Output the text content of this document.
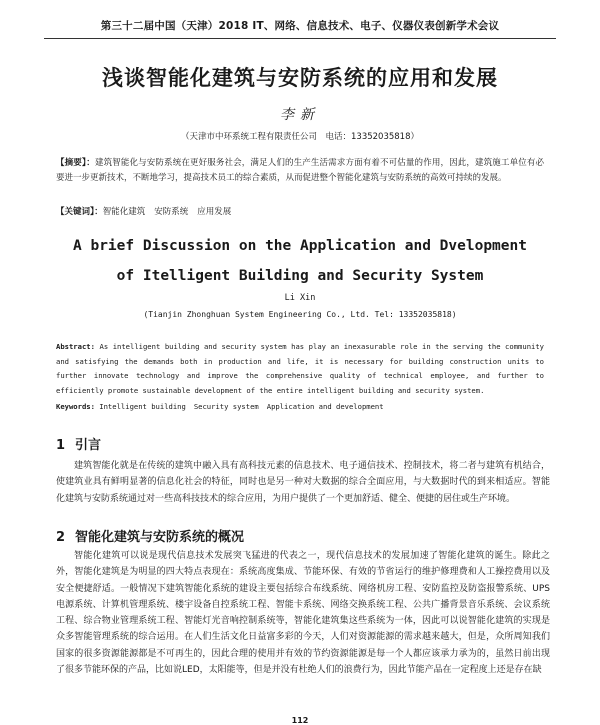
第三十二届中国（天津）2018 IT、网络、信息技术、电子、仪器仪表创新学术会议
浅谈智能化建筑与安防系统的应用和发展
李新
（天津市中环系统工程有限责任公司　电话：13352035818）
【摘要】：建筑智能化与安防系统在更好服务社会，满足人们的生产生活需求方面有着不可估量的作用，因此，建筑施工单位有必要进一步更新技术，不断地学习，提高技术员工的综合素质，从而促进整个智能化建筑与安防系统的高效可持续的发展。
【关键词】：智能化建筑 安防系统 应用发展
A brief Discussion on the Application and Dvelopment
of Itelligent Building and Security System
Li Xin
(Tianjin Zhonghuan System Engineering Co., Ltd. Tel: 13352035818)
Abstract: As intelligent building and security system has play an inexasurable role in the serving the community and satisfying the demands both in production and life, it is necessary for building construction units to further innovate technology and improve the comprehensive quality of technical employee, and further to efficiently promote sustainable development of the entire intelligent building and security system.
Keywords: Intelligent building Security system Application and development
1 引言
建筑智能化就是在传统的建筑中融入具有高科技元素的信息技术、电子通信技术、控制技术，将二者与建筑有机结合，使建筑业具有鲜明显著的信息化社会的特征，同时也是另一种对大数据的综合全面应用，与大数据时代的到来相适应。智能化建筑与安防系统通过对一些高科技技术的综合应用，为用户提供了一个更加舒适、健全、便捷的居住或生产环境。
2 智能化建筑与安防系统的概况
智能化建筑可以说是现代信息技术发展突飞猛进的代表之一，现代信息技术的发展加速了智能化建筑的诞生。除此之外，智能化建筑是为明显的四大特点表现在：系统高度集成、节能环保、有效的节省运行的维护修理费和人工操控费用以及安全便捷舒适。一般情况下建筑智能化系统的建设主要包括综合布线系统、网络机房工程、安防监控及防盗报警系统、UPS电源系统、计算机管理系统、楼宇设备自控系统工程、智能卡系统、网络交换系统工程、公共广播背景音乐系统、会议系统工程、综合物业管理系统工程、智能灯光音响控制系统等，智能化建筑集这些系统为一体，因此可以说智能化建筑的实现是众多智能管理系统的综合运用。在人们生活文化日益富多彩的今天，人们对资源能源的需求越来越大，但是，众所周知我们国家的很多资源能源都是不可再生的，因此合理的使用并有效的节约资源能源是每一个人都应该承力承为的，虽然日前出现了很多节能环保的产品，比如说LED，太阳能等，但是并没有杜绝人们的浪费行为，因此节能产品在一定程度上还是存在缺
112
